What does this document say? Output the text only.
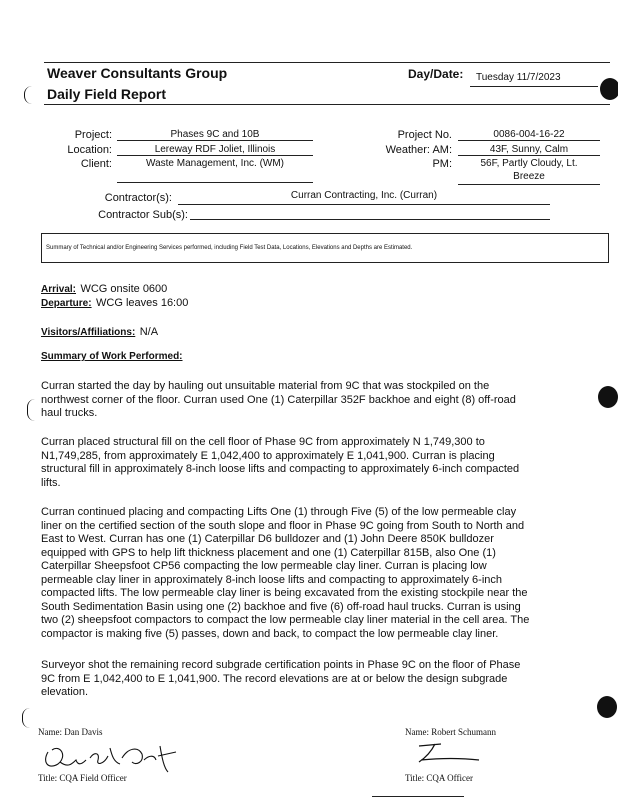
Weaver Consultants Group
Daily Field Report
Day/Date: Tuesday 11/7/2023
Project:	Phases 9C and 10B
Location:	Lereway RDF Joliet, Illinois
Client:	Waste Management, Inc. (WM)
Project No.	0086-004-16-22
Weather: AM:	43F, Sunny, Calm
PM:	56F, Partly Cloudy, Lt.
Breeze
Contractor(s):	Curran Contracting, Inc. (Curran)
Contractor Sub(s):
Summary of Technical and/or Engineering Services performed, including Field Test Data, Locations, Elevations and Depths are Estimated.
Arrival: WCG onsite 0600
Departure: WCG leaves 16:00
Visitors/Affiliations: N/A
Summary of Work Performed:
Curran started the day by hauling out unsuitable material from 9C that was stockpiled on the
northwest corner of the floor. Curran used One (1) Caterpillar 352F backhoe and eight (8) off-road
haul trucks.
Curran placed structural fill on the cell floor of Phase 9C from approximately N 1,749,300 to
N1,749,285, from approximately E 1,042,400 to approximately E 1,041,900. Curran is placing
structural fill in approximately 8-inch loose lifts and compacting to approximately 6-inch compacted
lifts.
Curran continued placing and compacting Lifts One (1) through Five (5) of the low permeable clay
liner on the certified section of the south slope and floor in Phase 9C going from South to North and
East to West. Curran has one (1) Caterpillar D6 bulldozer and (1) John Deere 850K bulldozer
equipped with GPS to help lift thickness placement and one (1) Caterpillar 815B, also One (1)
Caterpillar Sheepsfoot CP56 compacting the low permeable clay liner. Curran is placing low
permeable clay liner in approximately 8-inch loose lifts and compacting to approximately 6-inch
compacted lifts. The low permeable clay liner is being excavated from the existing stockpile near the
South Sedimentation Basin using one (2) backhoe and five (6) off-road haul trucks. Curran is using
two (2) sheepsfoot compactors to compact the low permeable clay liner material in the cell area. The
compactor is making five (5) passes, down and back, to compact the low permeable clay liner.
Surveyor shot the remaining record subgrade certification points in Phase 9C on the floor of Phase
9C from E 1,042,400 to E 1,041,900. The record elevations are at or below the design subgrade
elevation.
Name: Dan Davis
Title: CQA Field Officer
Name: Robert Schumann
Title: CQA Officer
